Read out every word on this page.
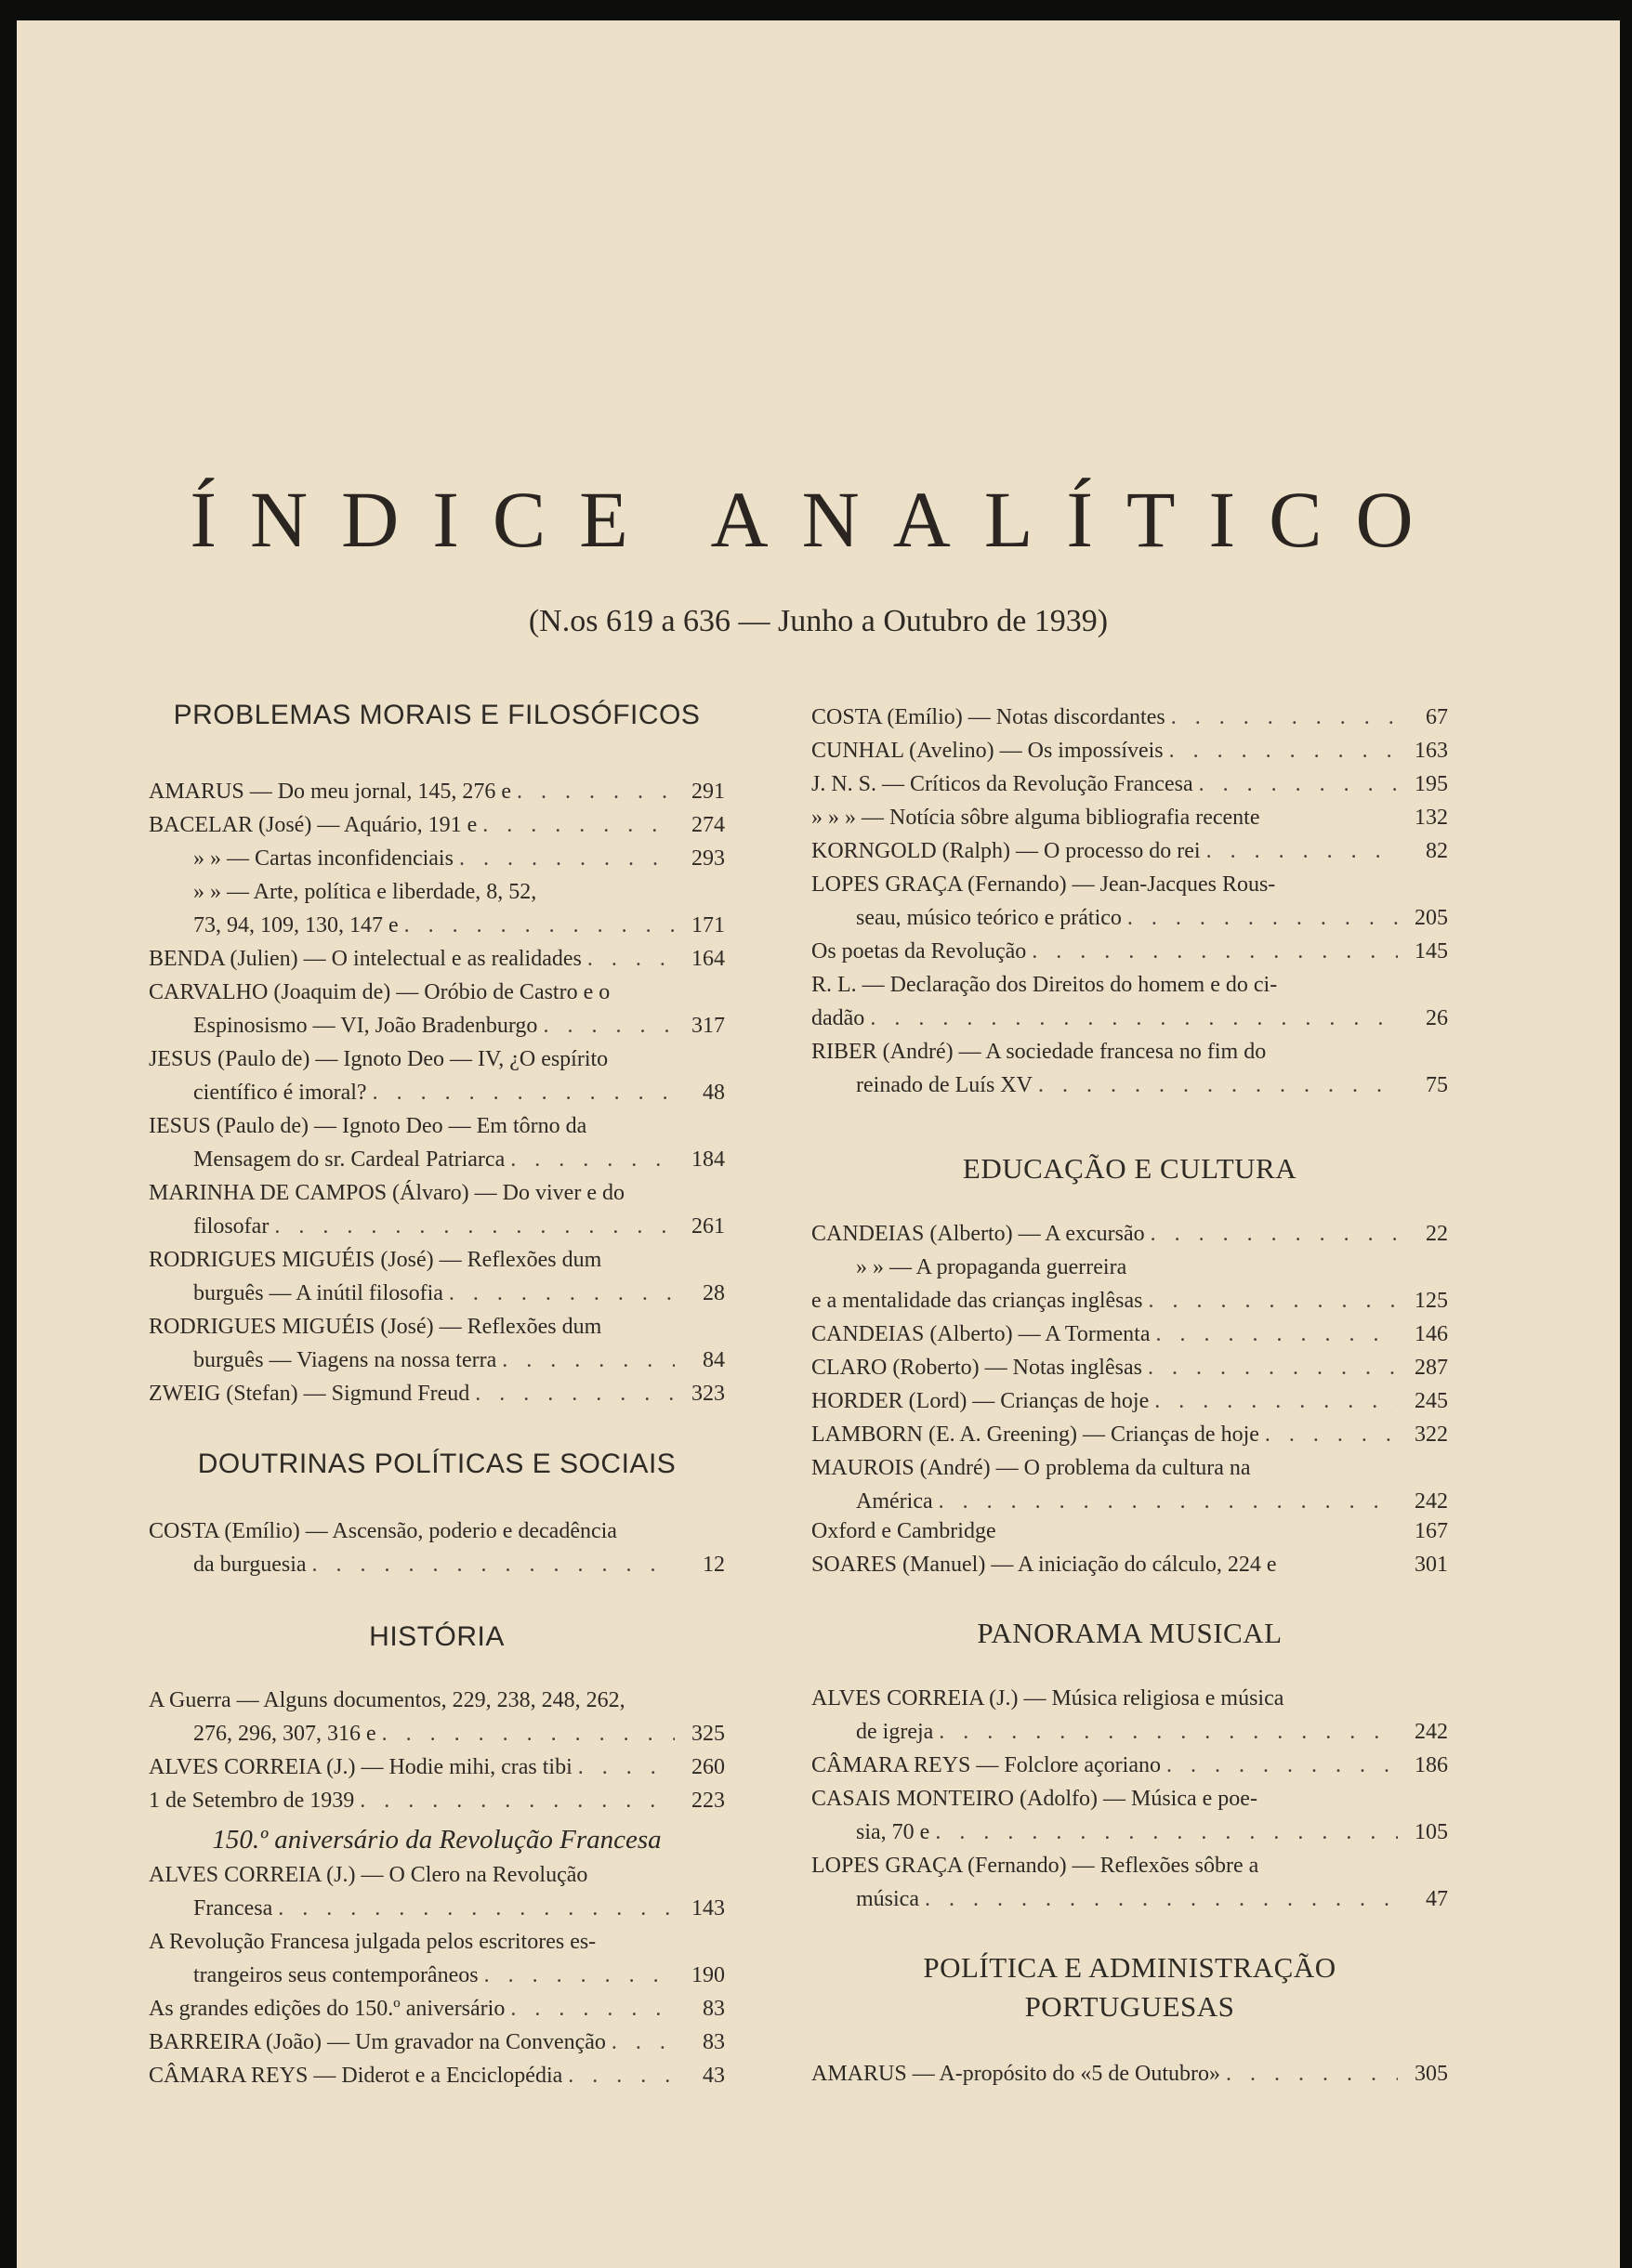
ÍNDICE ANALÍTICO
(N.os 619 a 636 — Junho a Outubro de 1939)
PROBLEMAS MORAIS E FILOSÓFICOS
AMARUS — Do meu jornal, 145, 276 e . . .	291
BACELAR (José) — Aquário, 191 e . . .	274
» » — Cartas inconfidenciais . . .	293
» » — Arte, política e liberdade, 8, 52,
73, 94, 109, 130, 147 e . . .	171
BENDA (Julien) — O intelectual e as realidades . . .	164
CARVALHO (Joaquim de) — Oróbio de Castro e o
Espinosismo — VI, João Bradenburgo . . .	317
JESUS (Paulo de) — Ignoto Deo — IV, ¿O espírito
científico é imoral? . . .	48
IESUS (Paulo de) — Ignoto Deo — Em tôrno da
Mensagem do sr. Cardeal Patriarca . . .	184
MARINHA DE CAMPOS (Álvaro) — Do viver e do
filosofar . . .	261
RODRIGUES MIGUÉIS (José) — Reflexões dum
burguês — A inútil filosofia . . .	28
RODRIGUES MIGUÉIS (José) — Reflexões dum
burguês — Viagens na nossa terra . . .	84
ZWEIG (Stefan) — Sigmund Freud . . .	323
DOUTRINAS POLÍTICAS E SOCIAIS
COSTA (Emílio) — Ascensão, poderio e decadência
da burguesia . . .	12
HISTÓRIA
A Guerra — Alguns documentos, 229, 238, 248, 262,
276, 296, 307, 316 e . . .	325
ALVES CORREIA (J.) — Hodie mihi, cras tibi . . .	260
1 de Setembro de 1939 . . .	223
150.º aniversário da Revolução Francesa
ALVES CORREIA (J.) — O Clero na Revolução
Francesa . . .	143
A Revolução Francesa julgada pelos escritores es-
trangeiros seus contemporâneos . . .	190
As grandes edições do 150.º aniversário . . .	83
BARREIRA (João) — Um gravador na Convenção . . .	83
CÂMARA REYS — Diderot e a Enciclopédia . . .	43
COSTA (Emílio) — Notas discordantes . . .	67
CUNHAL (Avelino) — Os impossíveis . . .	163
J. N. S. — Críticos da Revolução Francesa . . .	195
» » » — Notícia sôbre alguma bibliografia recente	132
KORNGOLD (Ralph) — O processo do rei . . .	82
LOPES GRAÇA (Fernando) — Jean-Jacques Rous-
seau, músico teórico e prático . . .	205
Os poetas da Revolução . . .	145
R. L. — Declaração dos Direitos do homem e do ci-
dadão . . .	26
RIBER (André) — A sociedade francesa no fim do
reinado de Luís XV . . .	75
EDUCAÇÃO E CULTURA
CANDEIAS (Alberto) — A excursão . . .	22
» » — A propaganda guerreira
e a mentalidade das crianças inglêsas . . .	125
CANDEIAS (Alberto) — A Tormenta . . .	146
CLARO (Roberto) — Notas inglêsas . . .	287
HORDER (Lord) — Crianças de hoje . . .	245
LAMBORN (E. A. Greening) — Crianças de hoje . . .	322
MAUROIS (André) — O problema da cultura na
América . . .	242
Oxford e Cambridge	167
SOARES (Manuel) — A iniciação do cálculo, 224 e	301
PANORAMA MUSICAL
ALVES CORREIA (J.) — Música religiosa e música
de igreja . . .	242
CÂMARA REYS — Folclore açoriano . . .	186
CASAIS MONTEIRO (Adolfo) — Música e poe-
sia, 70 e . . .	105
LOPES GRAÇA (Fernando) — Reflexões sôbre a
música . . .	47
POLÍTICA E ADMINISTRAÇÃO
PORTUGUESAS
AMARUS — A-propósito do «5 de Outubro» . . .	305
